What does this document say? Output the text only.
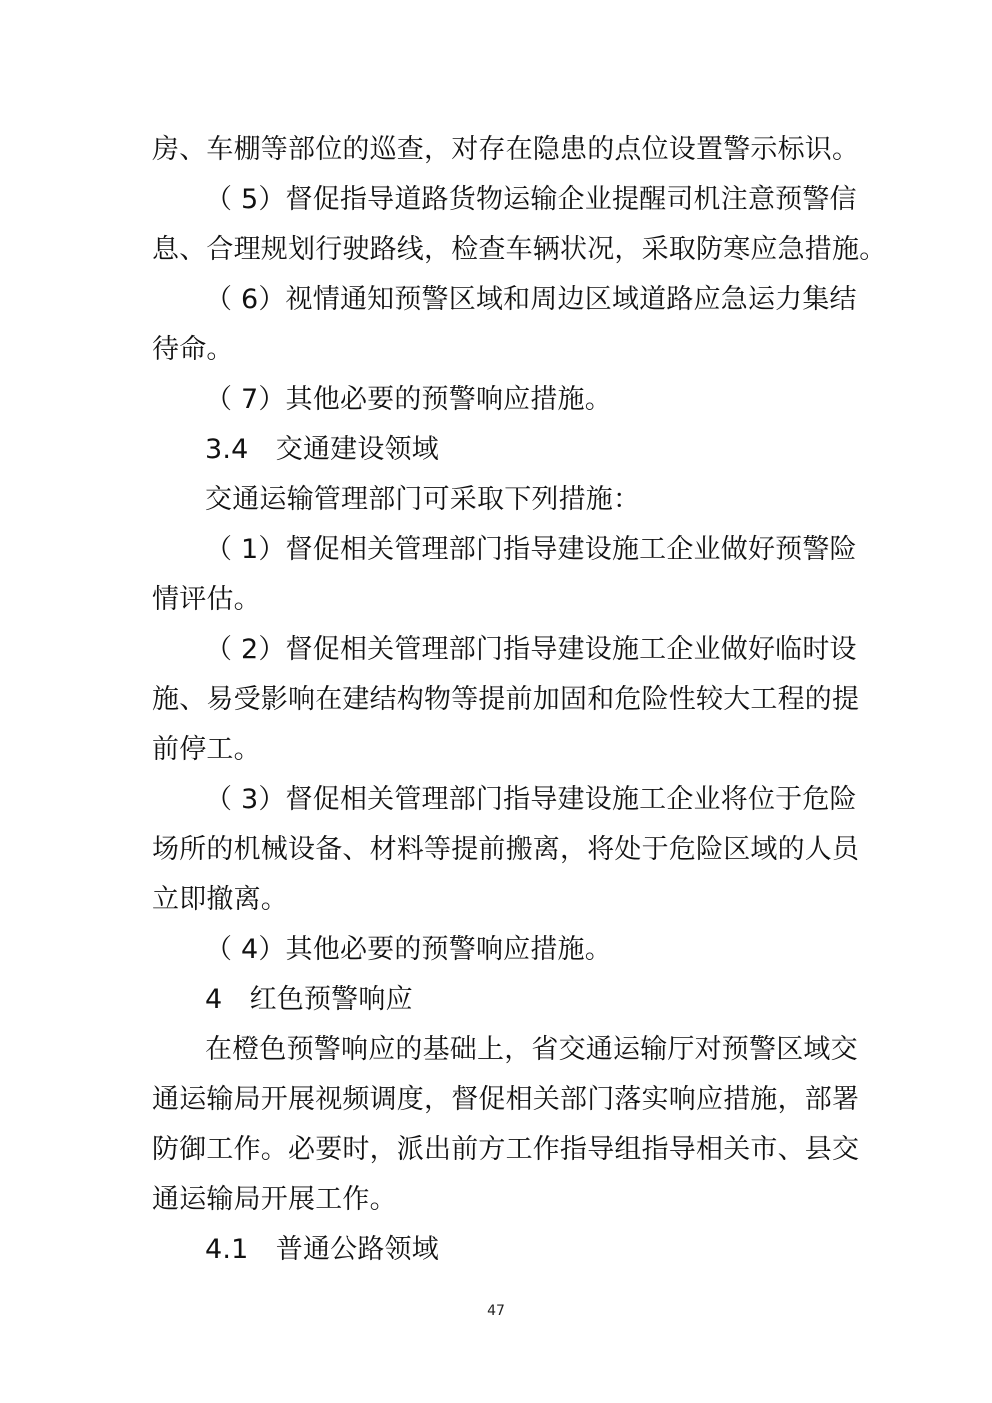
房、车棚等部位的巡查，对存在隐患的点位设置警示标识。
（ 5）督促指导道路货物运输企业提醒司机注意预警信
息、合理规划行驶路线，检查车辆状况，采取防寒应急措施。
（ 6）视情通知预警区域和周边区域道路应急运力集结
待命。
（ 7）其他必要的预警响应措施。
3.4　交通建设领域
交通运输管理部门可采取下列措施：
（ 1）督促相关管理部门指导建设施工企业做好预警险
情评估。
（ 2）督促相关管理部门指导建设施工企业做好临时设
施、易受影响在建结构物等提前加固和危险性较大工程的提
前停工。
（ 3）督促相关管理部门指导建设施工企业将位于危险
场所的机械设备、材料等提前搬离，将处于危险区域的人员
立即撤离。
（ 4）其他必要的预警响应措施。
4　红色预警响应
在橙色预警响应的基础上，省交通运输厅对预警区域交
通运输局开展视频调度，督促相关部门落实响应措施，部署
防御工作。必要时，派出前方工作指导组指导相关市、县交
通运输局开展工作。
4.1　普通公路领域
47
